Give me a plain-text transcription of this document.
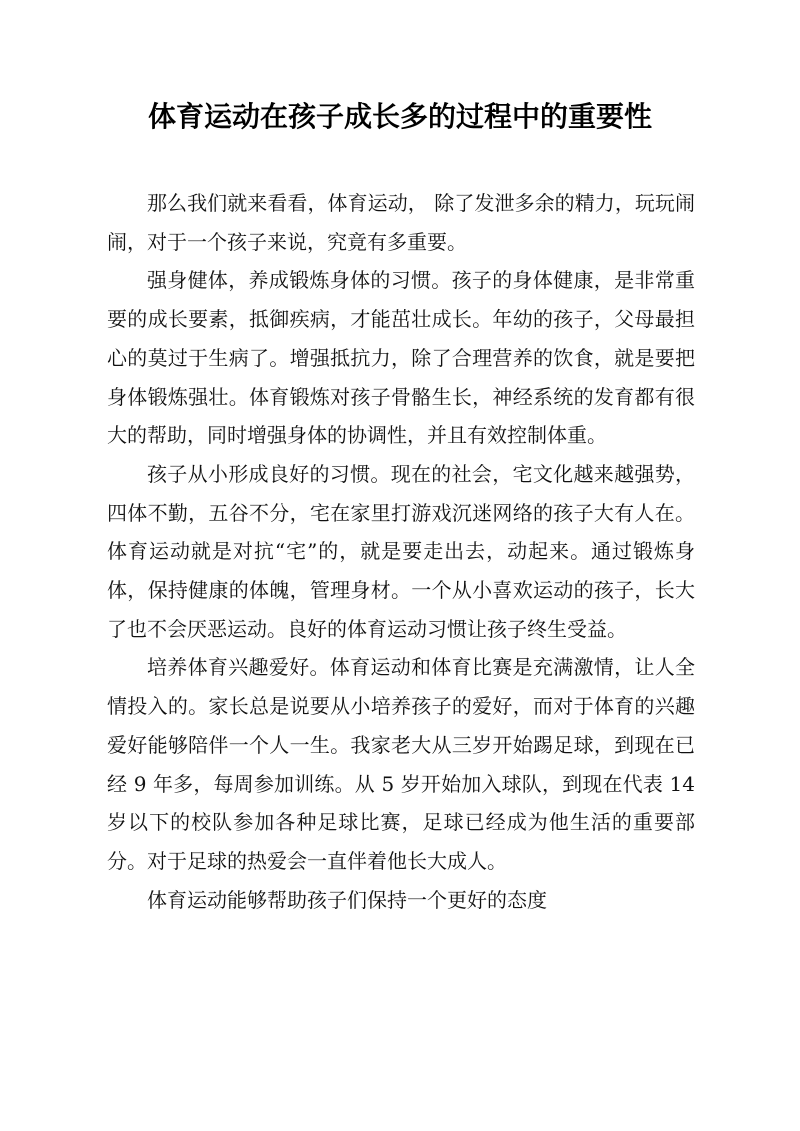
体育运动在孩子成长多的过程中的重要性

那么我们就来看看，体育运动， 除了发泄多余的精力，玩玩闹闹，对于一个孩子来说，究竟有多重要。

强身健体，养成锻炼身体的习惯。孩子的身体健康，是非常重要的成长要素，抵御疾病，才能茁壮成长。年幼的孩子，父母最担心的莫过于生病了。增强抵抗力，除了合理营养的饮食，就是要把身体锻炼强壮。体育锻炼对孩子骨骼生长，神经系统的发育都有很大的帮助，同时增强身体的协调性，并且有效控制体重。

孩子从小形成良好的习惯。现在的社会，宅文化越来越强势，四体不勤，五谷不分，宅在家里打游戏沉迷网络的孩子大有人在。体育运动就是对抗“宅”的，就是要走出去，动起来。通过锻炼身体，保持健康的体魄，管理身材。一个从小喜欢运动的孩子，长大了也不会厌恶运动。良好的体育运动习惯让孩子终生受益。

培养体育兴趣爱好。体育运动和体育比赛是充满激情，让人全情投入的。家长总是说要从小培养孩子的爱好，而对于体育的兴趣爱好能够陪伴一个人一生。我家老大从三岁开始踢足球，到现在已经 9 年多，每周参加训练。从 5 岁开始加入球队，到现在代表 14 岁以下的校队参加各种足球比赛，足球已经成为他生活的重要部分。对于足球的热爱会一直伴着他长大成人。

体育运动能够帮助孩子们保持一个更好的态度
